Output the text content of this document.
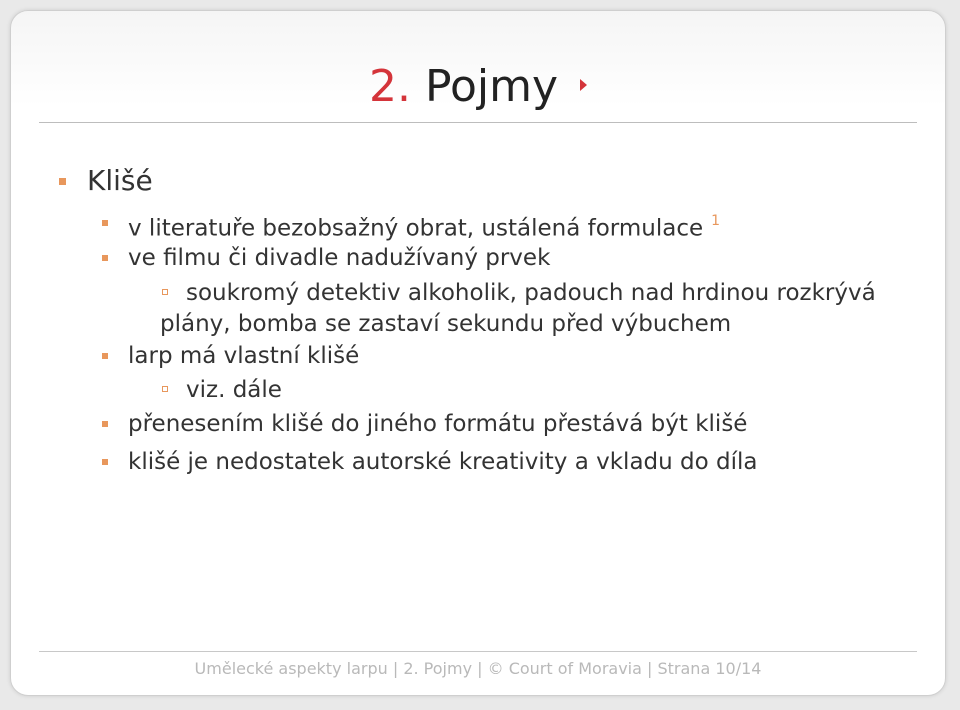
2. Pojmy
Klišé
v literatuře bezobsažný obrat, ustálená formulace $^1$
ve filmu či divadle nadužívaný prvek
soukromý detektiv alkoholik, padouch nad hrdinou rozkrývá
plány, bomba se zastaví sekundu před výbuchem
larp má vlastní klišé
viz. dále
přenesením klišé do jiného formátu přestává být klišé
klišé je nedostatek autorské kreativity a vkladu do díla
Umělecké aspekty larpu | 2. Pojmy | © Court of Moravia | Strana 10/14
